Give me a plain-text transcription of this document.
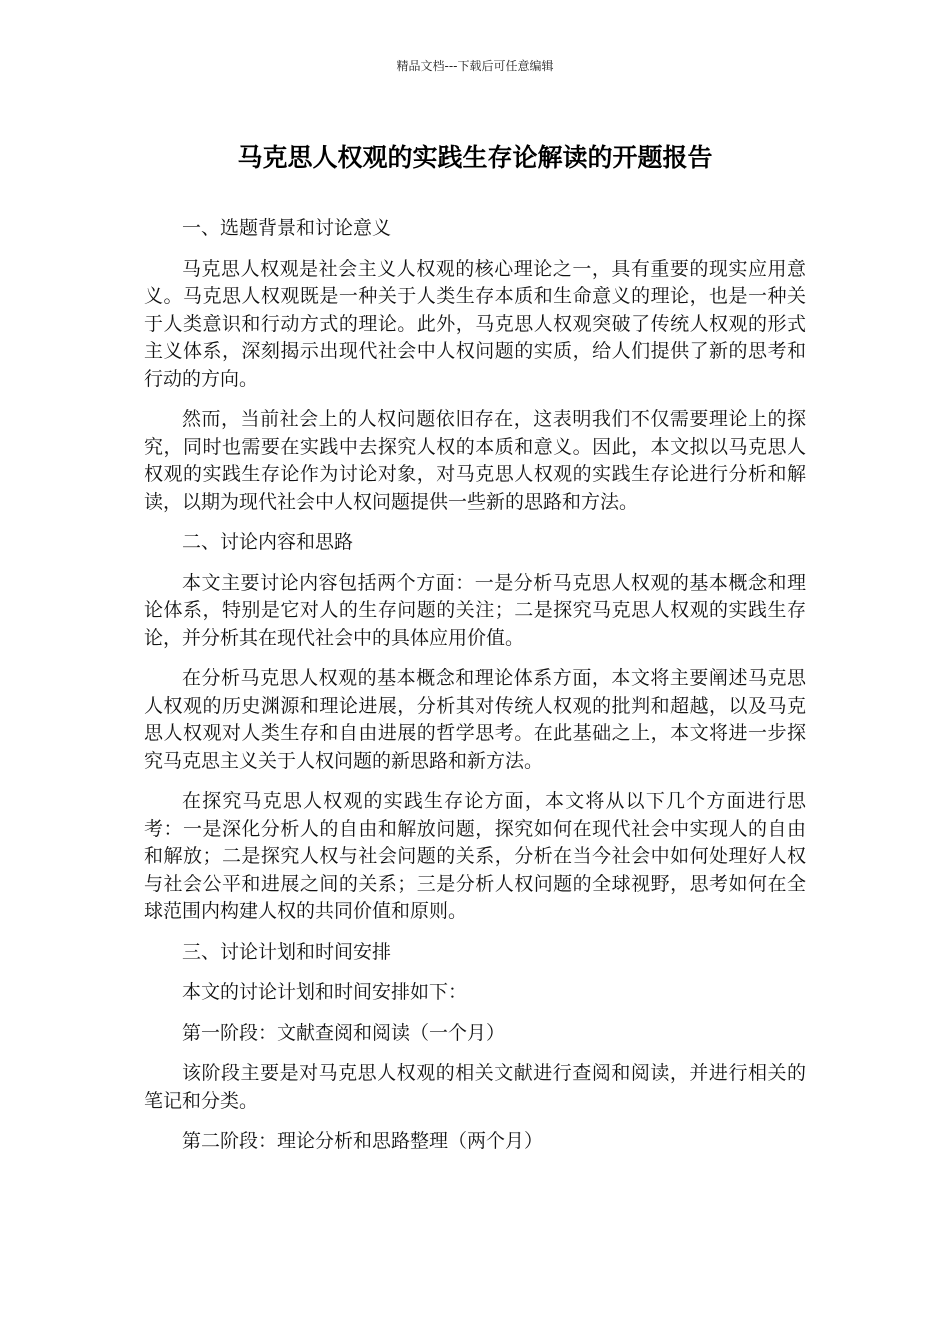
精品文档---下载后可任意编辑
马克思人权观的实践生存论解读的开题报告

一、选题背景和讨论意义

马克思人权观是社会主义人权观的核心理论之一，具有重要的现实应用意义。马克思人权观既是一种关于人类生存本质和生命意义的理论，也是一种关于人类意识和行动方式的理论。此外，马克思人权观突破了传统人权观的形式主义体系，深刻揭示出现代社会中人权问题的实质，给人们提供了新的思考和行动的方向。

然而，当前社会上的人权问题依旧存在，这表明我们不仅需要理论上的探究，同时也需要在实践中去探究人权的本质和意义。因此，本文拟以马克思人权观的实践生存论作为讨论对象，对马克思人权观的实践生存论进行分析和解读，以期为现代社会中人权问题提供一些新的思路和方法。

二、讨论内容和思路

本文主要讨论内容包括两个方面：一是分析马克思人权观的基本概念和理论体系，特别是它对人的生存问题的关注；二是探究马克思人权观的实践生存论，并分析其在现代社会中的具体应用价值。

在分析马克思人权观的基本概念和理论体系方面，本文将主要阐述马克思人权观的历史渊源和理论进展，分析其对传统人权观的批判和超越，以及马克思人权观对人类生存和自由进展的哲学思考。在此基础之上，本文将进一步探究马克思主义关于人权问题的新思路和新方法。

在探究马克思人权观的实践生存论方面，本文将从以下几个方面进行思考：一是深化分析人的自由和解放问题，探究如何在现代社会中实现人的自由和解放；二是探究人权与社会问题的关系，分析在当今社会中如何处理好人权与社会公平和进展之间的关系；三是分析人权问题的全球视野，思考如何在全球范围内构建人权的共同价值和原则。

三、讨论计划和时间安排

本文的讨论计划和时间安排如下：

第一阶段：文献查阅和阅读（一个月）

该阶段主要是对马克思人权观的相关文献进行查阅和阅读，并进行相关的笔记和分类。

第二阶段：理论分析和思路整理（两个月）
